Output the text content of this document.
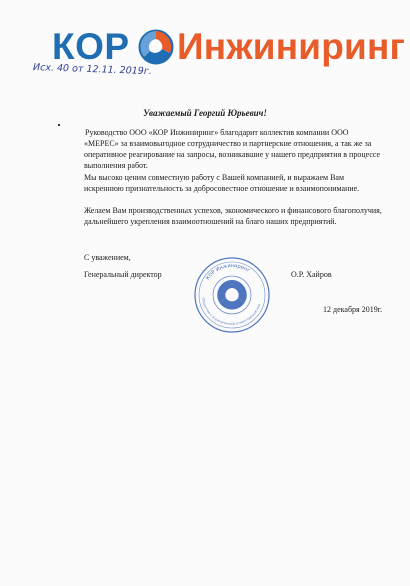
КОР Инжиниринг
Исх. 40 от 12.11. 2019г.
Уважаемый Георгий Юрьевич!

Руководство ООО «КОР Инжиниринг» благодарит коллектив компании ООО «МЕРЕС» за взаимовыгодное сотрудничество и партнерские отношения, а так же за оперативное реагирование на запросы, возникавшие у нашего предприятия в процессе выполнения работ.

Мы высоко ценим совместную работу с Вашей компанией, и выражаем Вам искреннюю признательность за добросовестное отношение и взаимопонимание.

Желаем Вам производственных успехов, экономического и финансового благополучия, дальнейшего укрепления взаимоотношений на благо наших предприятий.

С уважением,
Генеральный директор	О.Р. Хайров
12 декабря 2019г.
КОР Инжиниринг
Общество с ограниченной ответственностью
